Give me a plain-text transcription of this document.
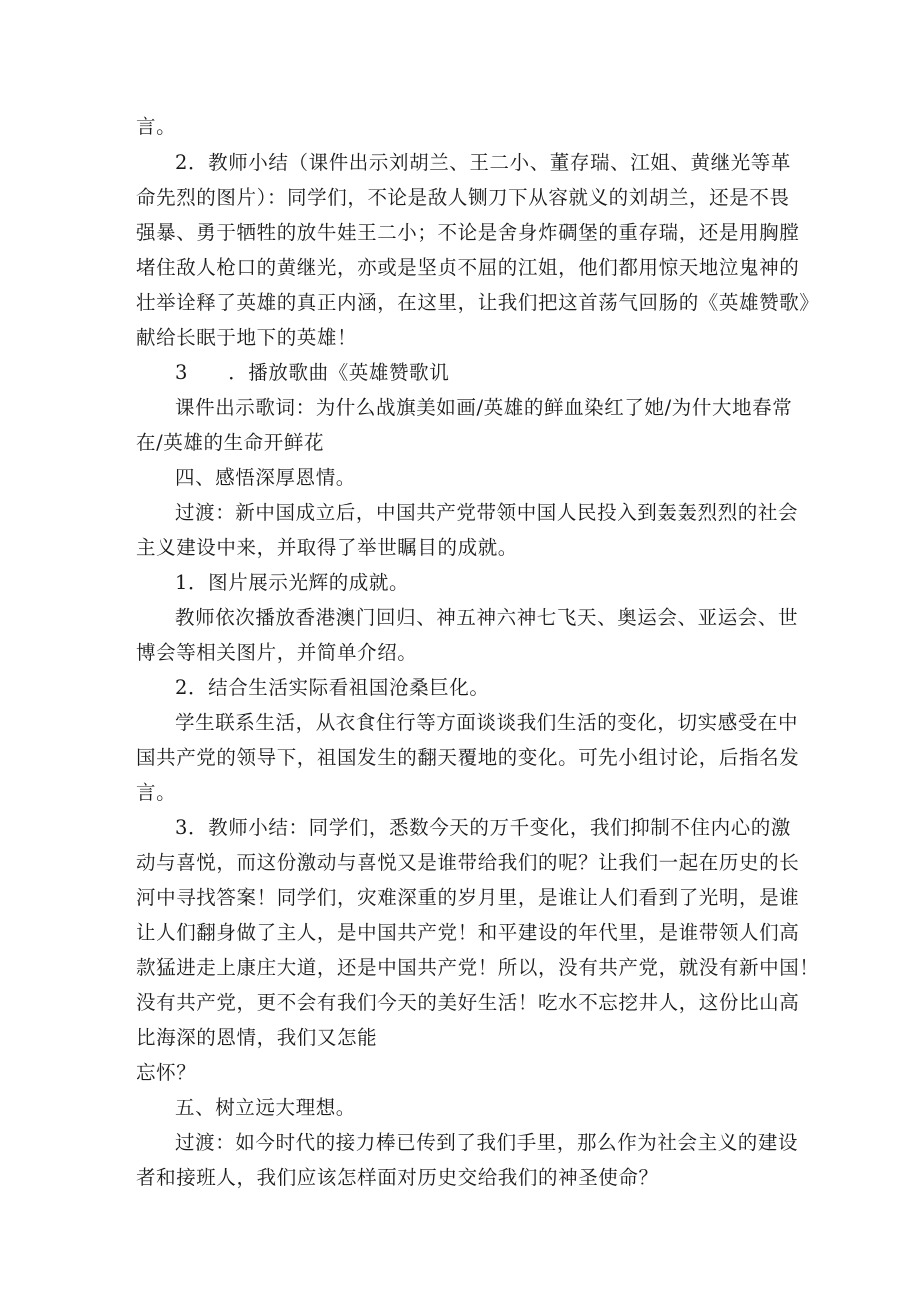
言。
2．教师小结（课件出示刘胡兰、王二小、董存瑞、江姐、黄继光等革
命先烈的图片）：同学们，不论是敌人铡刀下从容就义的刘胡兰，还是不畏
强暴、勇于牺牲的放牛娃王二小；不论是舍身炸碉堡的重存瑞，还是用胸膛
堵住敌人枪口的黄继光，亦或是坚贞不屈的江姐，他们都用惊天地泣鬼神的
壮举诠释了英雄的真正内涵，在这里，让我们把这首荡气回肠的《英雄赞歌》
献给长眠于地下的英雄！
3　　．播放歌曲《英雄赞歌讥
课件出示歌词：为什么战旗美如画/英雄的鲜血染红了她/为什大地春常
在/英雄的生命开鲜花
四、感悟深厚恩情。
过渡：新中国成立后，中国共产党带领中国人民投入到轰轰烈烈的社会
主义建设中来，并取得了举世瞩目的成就。
1．图片展示光辉的成就。
教师依次播放香港澳门回归、神五神六神七飞天、奥运会、亚运会、世
博会等相关图片，并简单介绍。
2．结合生活实际看祖国沧桑巨化。
学生联系生活，从衣食住行等方面谈谈我们生活的变化，切实感受在中
国共产党的领导下，祖国发生的翻天覆地的变化。可先小组讨论，后指名发
言。
3．教师小结：同学们，悉数今天的万千变化，我们抑制不住内心的激
动与喜悦，而这份激动与喜悦又是谁带给我们的呢？让我们一起在历史的长
河中寻找答案！同学们，灾难深重的岁月里，是谁让人们看到了光明，是谁
让人们翻身做了主人，是中国共产党！和平建设的年代里，是谁带领人们高
款猛进走上康庄大道，还是中国共产党！所以，没有共产党，就没有新中国！
没有共产党，更不会有我们今天的美好生活！吃水不忘挖井人，这份比山高
比海深的恩情，我们又怎能
忘怀？
五、树立远大理想。
过渡：如今时代的接力棒已传到了我们手里，那么作为社会主义的建设
者和接班人，我们应该怎样面对历史交给我们的神圣使命？
